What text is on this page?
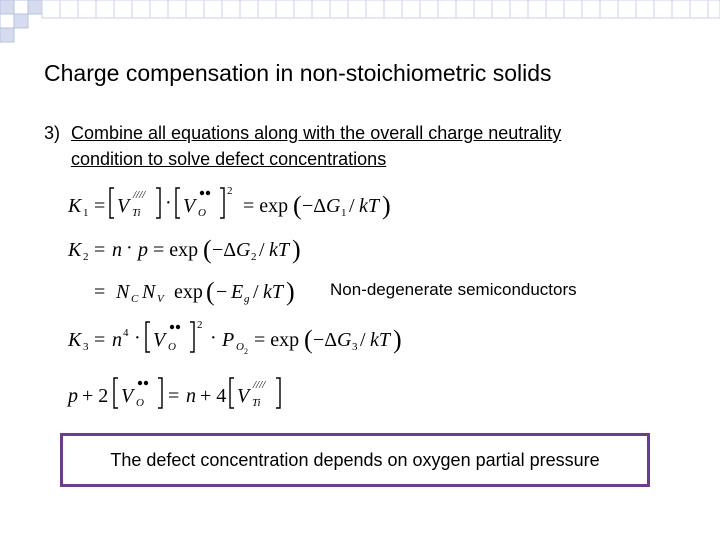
Charge compensation in non-stoichiometric solids
3) Combine all equations along with the overall charge neutrality
condition to solve defect concentrations
K 1 = V ////
Ti · V O
2
= exp ( −Δ G 1 / kT )
K 2 = n · p = exp ( −Δ G 2 / kT )
= N C N V exp ( − E g / kT )
K 3 = n 4 · V O
2
· P O 2
= exp ( −Δ G 3 / kT )
p + 2 V O = n + 4 V ////
Ti
Non-degenerate semiconductors
The defect concentration depends on oxygen partial pressure
